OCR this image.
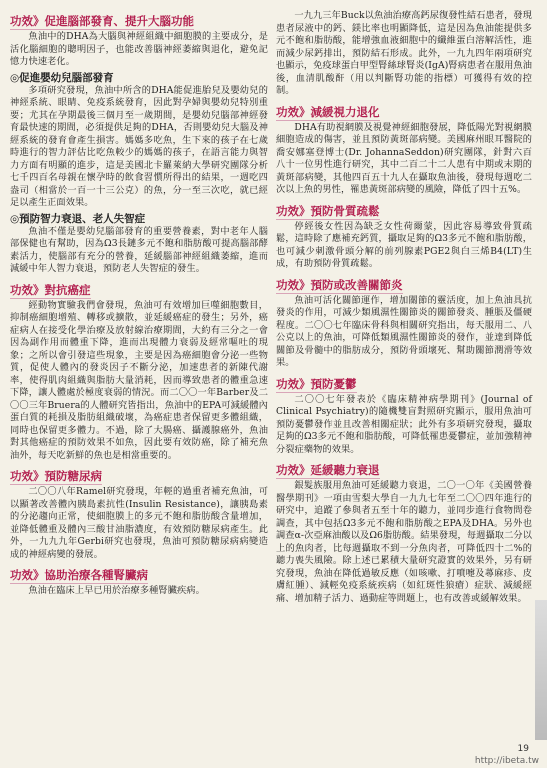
功效》促進腦部發育、提升大腦功能

魚油中的DHA為大腦與神經組織中細胞膜的主要成分，是活化腦細胞的聰明因子，也能改善腦神經萎縮與退化，避免記憶力快速老化。

◎促進嬰幼兒腦部發育

多項研究發現，魚油中所含的DHA能促進胎兒及嬰幼兒的神經系統、眼睛、免疫系統發育，因此對孕婦與嬰幼兒特別重要；尤其在孕期最後三個月至一歲期間，是嬰幼兒腦部神經發育最快速的期間，必須提供足夠的DHA，否則嬰幼兒大腦及神經系統的發育會產生損害。媽媽多吃魚，生下來的孩子在七歲時進行的智力評估比吃魚較少的媽媽的孩子，在語言能力與智力方面有明顯的進步，這是美國北卡羅萊納大學研究團隊分析七千四百名母親在懷孕時的飲食習慣所得出的結果，一週吃四盎司（相當於一百一十三公克）的魚，分一至三次吃，就已經足以產生正面效果。

◎預防智力衰退、老人失智症

魚油不僅是嬰幼兒腦部發育的重要營養素，對中老年人腦部保健也有幫助，因為Ω3長鏈多元不飽和脂肪酸可提高腦部酵素活力，使腦部有充分的營養，延緩腦部神經組織萎縮，進而減緩中年人智力衰退，預防老人失智症的發生。

功效》對抗癌症

經動物實驗我們會發現，魚油可有效增加巨噬細胞數目，抑制癌細胞增殖、轉移或擴散，並延緩癌症的發生；另外，癌症病人在接受化學治療及放射線治療期間，大約有三分之一會因為副作用而體重下降，進而出現體力衰弱及經常嘔吐的現象；之所以會引發這些現象，主要是因為癌細胞會分泌一些物質，促使人體內的發炎因子不斷分泌，加速患者的新陳代謝率，使得肌肉組織與脂肪大量消耗，因而導致患者的體重急速下降，讓人體處於極度衰弱的情況。而二〇〇一年Barber及二〇〇三年Bruera的人體研究皆指出，魚油中的EPA可減緩體內蛋白質的耗損及脂肪組織破壞，為癌症患者保留更多體組織，同時也保留更多體力。不過，除了大腸癌、攝護腺癌外，魚油對其他癌症的預防效果不如魚，因此要有效防癌，除了補充魚油外，每天吃新鮮的魚也是相當重要的。

功效》預防糖尿病

二〇〇八年Ramel研究發現，年輕的過重者補充魚油，可以顯著改善體內胰島素抗性(Insulin Resistance)，讓胰島素的分泌趨向正常，使細胞膜上的多元不飽和脂肪酸含量增加，並降低體重及體內三酸甘油脂濃度，有效預防糖尿病產生。此外，一九九九年Gerbi研究也發現，魚油可預防糖尿病病變造成的神經病變的發展。

功效》協助治療各種腎臟病

魚油在臨床上早已用於治療多種腎臟疾病。

一九九三年Buck以魚油治療高鈣尿復發性結石患者，發現患者尿液中的鈣、鎂比率也明顯降低，這是因為魚油能提供多元不飽和脂肪酸，能增強血液細胞中的纖維蛋白溶解活性，進而減少尿鈣排出，預防結石形成。此外，一九九四年兩項研究也顯示，免疫球蛋白甲型腎絲球腎炎(IgA)腎病患者在服用魚油後，血清肌酸酐（用以判斷腎功能的指標）可獲得有效的控制。

功效》減緩視力退化

DHA有助視網膜及視覺神經細胞發展，降低陽光對視網膜細胞造成的傷害，並且預防黃斑部病變。美國麻州眼耳醫院的喬安娜塞登博士(Dr. JohannaSeddon)研究團隊，針對六百八十一位男性進行研究，其中二百二十二人患有中期或末期的黃斑部病變，其他四百五十九人在攝取魚油後，發現每週吃二次以上魚的男性，罹患黃斑部病變的風險，降低了四十五%。

功效》預防骨質疏鬆

停經後女性因為缺乏女性荷爾蒙，因此容易導致骨質疏鬆，這時除了應補充鈣質，攝取足夠的Ω3多元不飽和脂肪酸，也可減少刺激骨頭分解的前列腺素PGE2與白三烯B4(LT)生成，有助預防骨質疏鬆。

功效》預防或改善關節炎

魚油可活化關節運作，增加關節的靈活度，加上魚油具抗發炎的作用，可減少類風濕性關節炎的關節發炎、腫脹及僵硬程度。二〇〇七年臨床骨科與相關研究指出，每天服用二、八公克以上的魚油，可降低類風濕性關節炎的發作，並達到降低關節及骨髓中的脂肪成分，預防骨頭壞死、幫助關節潤滑等效果。

功效》預防憂鬱

二〇〇七年發表於《臨床精神病學期刊》(Journal of Clinical Psychiatry)的隨機雙盲對照研究顯示，服用魚油可預防憂鬱發作並且改善相關症狀；此外有多項研究發現，攝取足夠的Ω3多元不飽和脂肪酸，可降低罹患憂鬱症，並加強精神分裂症藥物的效果。

功效》延緩聽力衰退

銀髮族服用魚油可延緩聽力衰退，二〇一〇年《美國營養醫學期刊》一項由雪梨大學自一九九七年至二〇〇四年進行的研究中，追蹤了參與者五至十年的聽力，並同步進行食物問卷調查，其中包括Ω3多元不飽和脂肪酸之EPA及DHA。另外也調查α-次亞麻油酸以及Ω6脂肪酸。結果發現，每週攝取二分以上的魚肉者，比每週攝取不到一分魚肉者，可降低四十二%的聽力喪失風險。除上述已累積大量研究證實的效果外，另有研究發現，魚油在降低過敏反應（如咳嗽、打噴嚏及蕁麻疹、皮膚紅腫）、減輕免疫系統疾病（如紅斑性狼瘡）症狀、減緩經痛、增加精子活力、過動症等問題上，也有改善或緩解效果。

19
http://ibeta.tw
